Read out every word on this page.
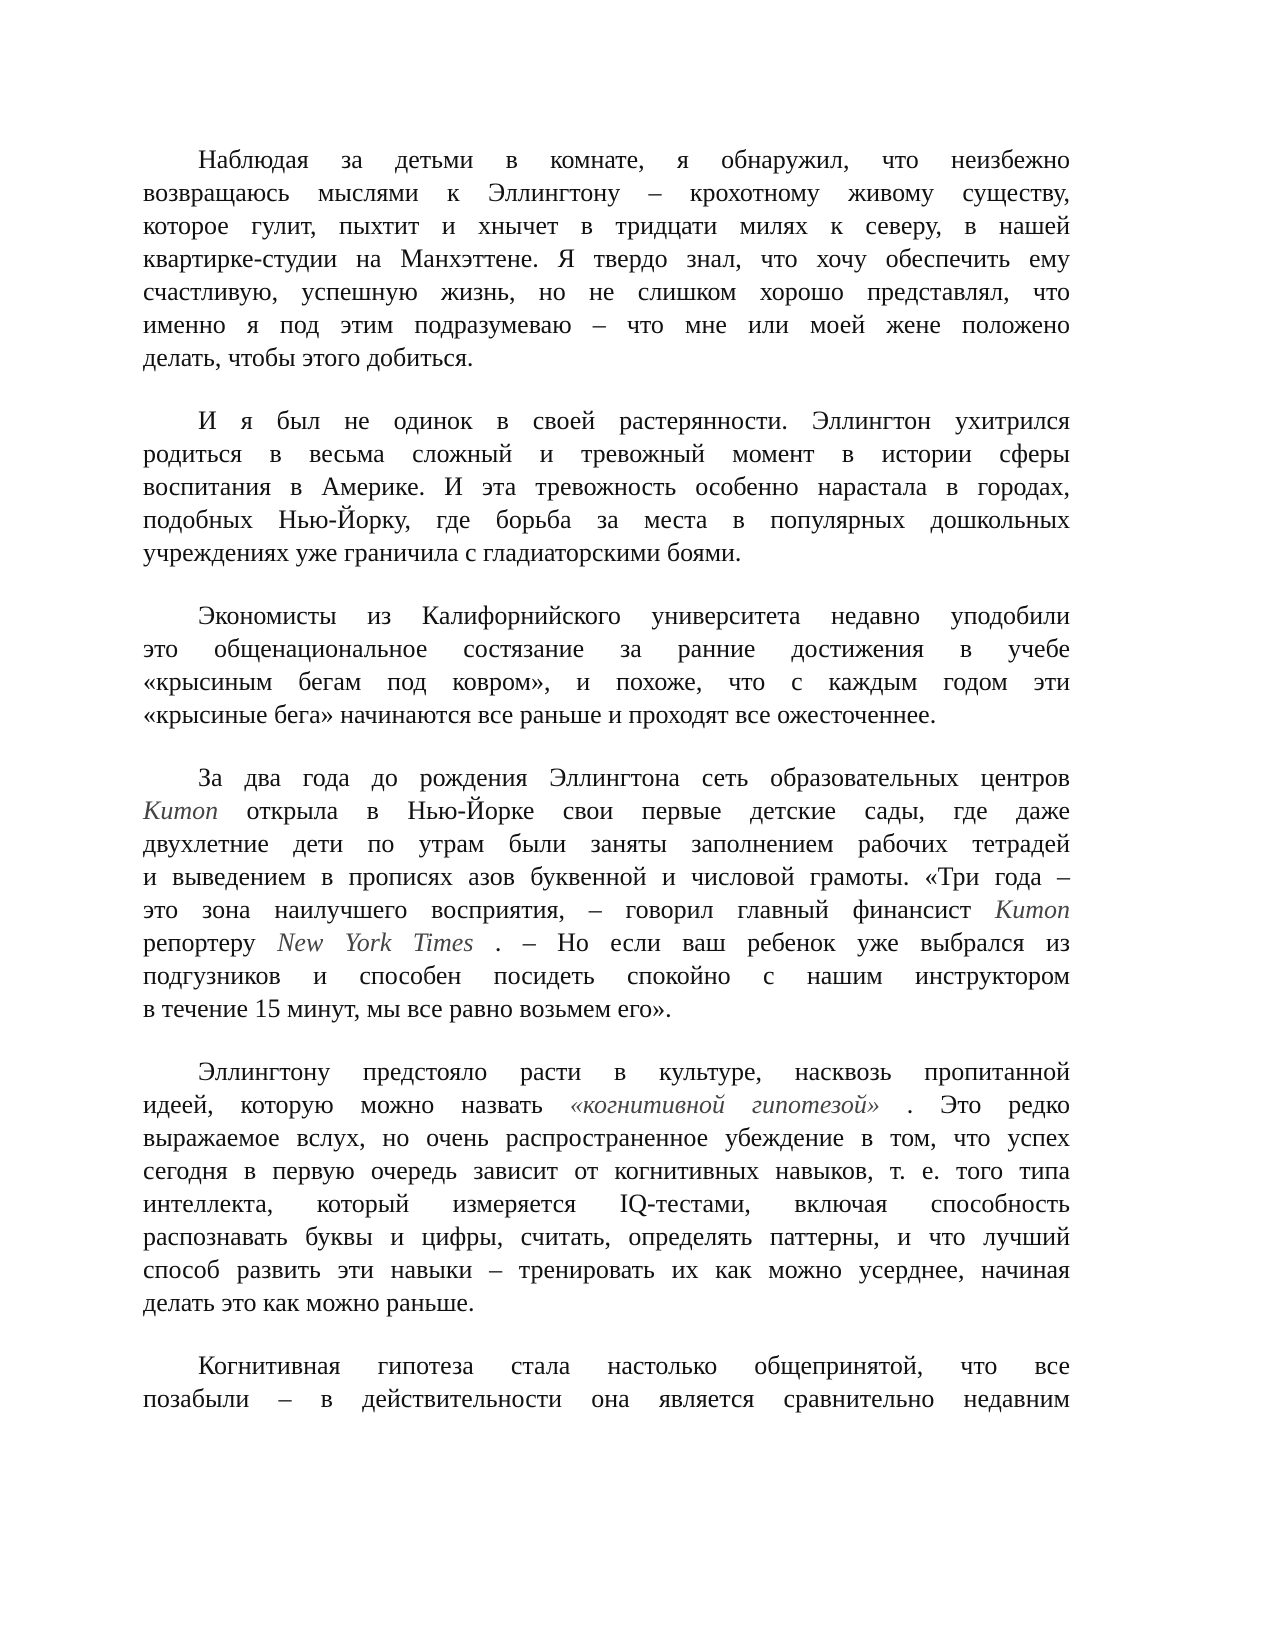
Наблюдая за детьми в комнате, я обнаружил, что неизбежно
возвращаюсь мыслями к Эллингтону – крохотному живому существу,
которое гулит, пыхтит и хнычет в тридцати милях к северу, в нашей
квартирке-студии на Манхэттене. Я твердо знал, что хочу обеспечить ему
счастливую, успешную жизнь, но не слишком хорошо представлял, что
именно я под этим подразумеваю – что мне или моей жене положено
делать, чтобы этого добиться.
И я был не одинок в своей растерянности. Эллингтон ухитрился
родиться в весьма сложный и тревожный момент в истории сферы
воспитания в Америке. И эта тревожность особенно нарастала в городах,
подобных Нью-Йорку, где борьба за места в популярных дошкольных
учреждениях уже граничила с гладиаторскими боями.
Экономисты из Калифорнийского университета недавно уподобили
это общенациональное состязание за ранние достижения в учебе
«крысиным бегам под ковром», и похоже, что с каждым годом эти
«крысиные бега» начинаются все раньше и проходят все ожесточеннее.
За два года до рождения Эллингтона сеть образовательных центров
Kumon открыла в Нью-Йорке свои первые детские сады, где даже
двухлетние дети по утрам были заняты заполнением рабочих тетрадей
и выведением в прописях азов буквенной и числовой грамоты. «Три года –
это зона наилучшего восприятия, – говорил главный финансист Kumon
репортеру New York Times . – Но если ваш ребенок уже выбрался из
подгузников и способен посидеть спокойно с нашим инструктором
в течение 15 минут, мы все равно возьмем его».
Эллингтону предстояло расти в культуре, насквозь пропитанной
идеей, которую можно назвать «когнитивной гипотезой» . Это редко
выражаемое вслух, но очень распространенное убеждение в том, что успех
сегодня в первую очередь зависит от когнитивных навыков, т. е. того типа
интеллекта, который измеряется IQ-тестами, включая способность
распознавать буквы и цифры, считать, определять паттерны, и что лучший
способ развить эти навыки – тренировать их как можно усерднее, начиная
делать это как можно раньше.
Когнитивная гипотеза стала настолько общепринятой, что все
позабыли – в действительности она является сравнительно недавним
